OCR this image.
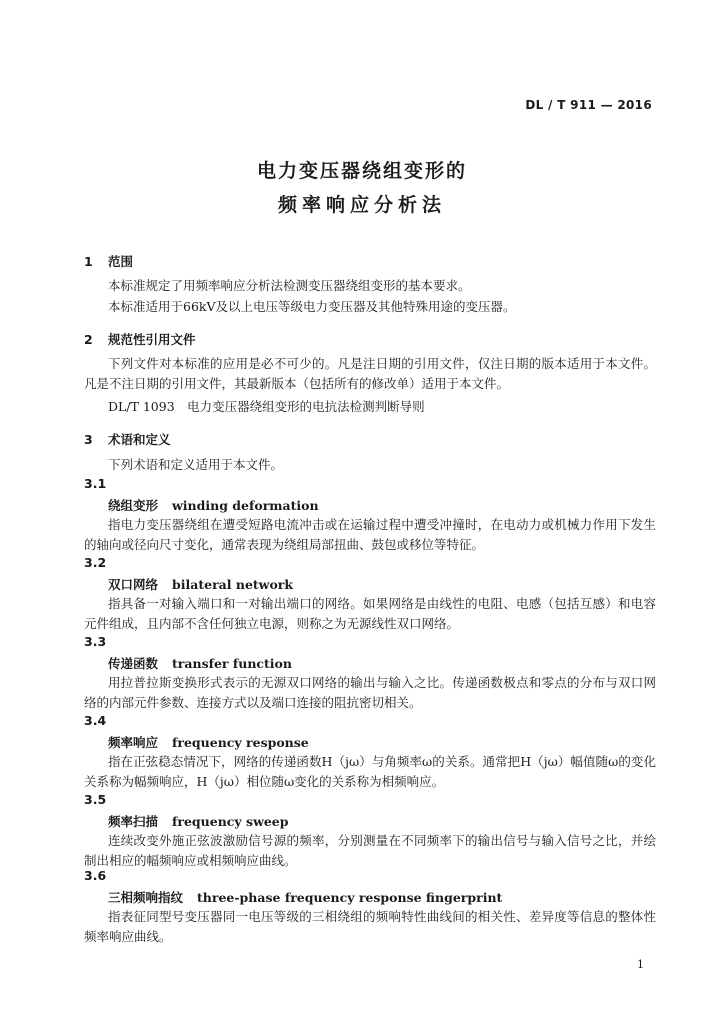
DL / T 911 — 2016
电力变压器绕组变形的
频率响应分析法
1 范围
本标准规定了用频率响应分析法检测变压器绕组变形的基本要求。
本标准适用于66kV及以上电压等级电力变压器及其他特殊用途的变压器。
2 规范性引用文件
下列文件对本标准的应用是必不可少的。凡是注日期的引用文件，仅注日期的版本适用于本文件。凡是不注日期的引用文件，其最新版本（包括所有的修改单）适用于本文件。
DL/T 1093　电力变压器绕组变形的电抗法检测判断导则
3 术语和定义
下列术语和定义适用于本文件。
3.1
绕组变形 winding deformation
指电力变压器绕组在遭受短路电流冲击或在运输过程中遭受冲撞时，在电动力或机械力作用下发生的轴向或径向尺寸变化，通常表现为绕组局部扭曲、鼓包或移位等特征。
3.2
双口网络 bilateral network
指具备一对输入端口和一对输出端口的网络。如果网络是由线性的电阻、电感（包括互感）和电容元件组成，且内部不含任何独立电源，则称之为无源线性双口网络。
3.3
传递函数 transfer function
用拉普拉斯变换形式表示的无源双口网络的输出与输入之比。传递函数极点和零点的分布与双口网络的内部元件参数、连接方式以及端口连接的阻抗密切相关。
3.4
频率响应 frequency response
指在正弦稳态情况下，网络的传递函数H（jω）与角频率ω的关系。通常把H（jω）幅值随ω的变化关系称为幅频响应，H（jω）相位随ω变化的关系称为相频响应。
3.5
频率扫描 frequency sweep
连续改变外施正弦波激励信号源的频率，分别测量在不同频率下的输出信号与输入信号之比，并绘制出相应的幅频响应或相频响应曲线。
3.6
三相频响指纹 three-phase frequency response fingerprint
指表征同型号变压器同一电压等级的三相绕组的频响特性曲线间的相关性、差异度等信息的整体性频率响应曲线。
1
